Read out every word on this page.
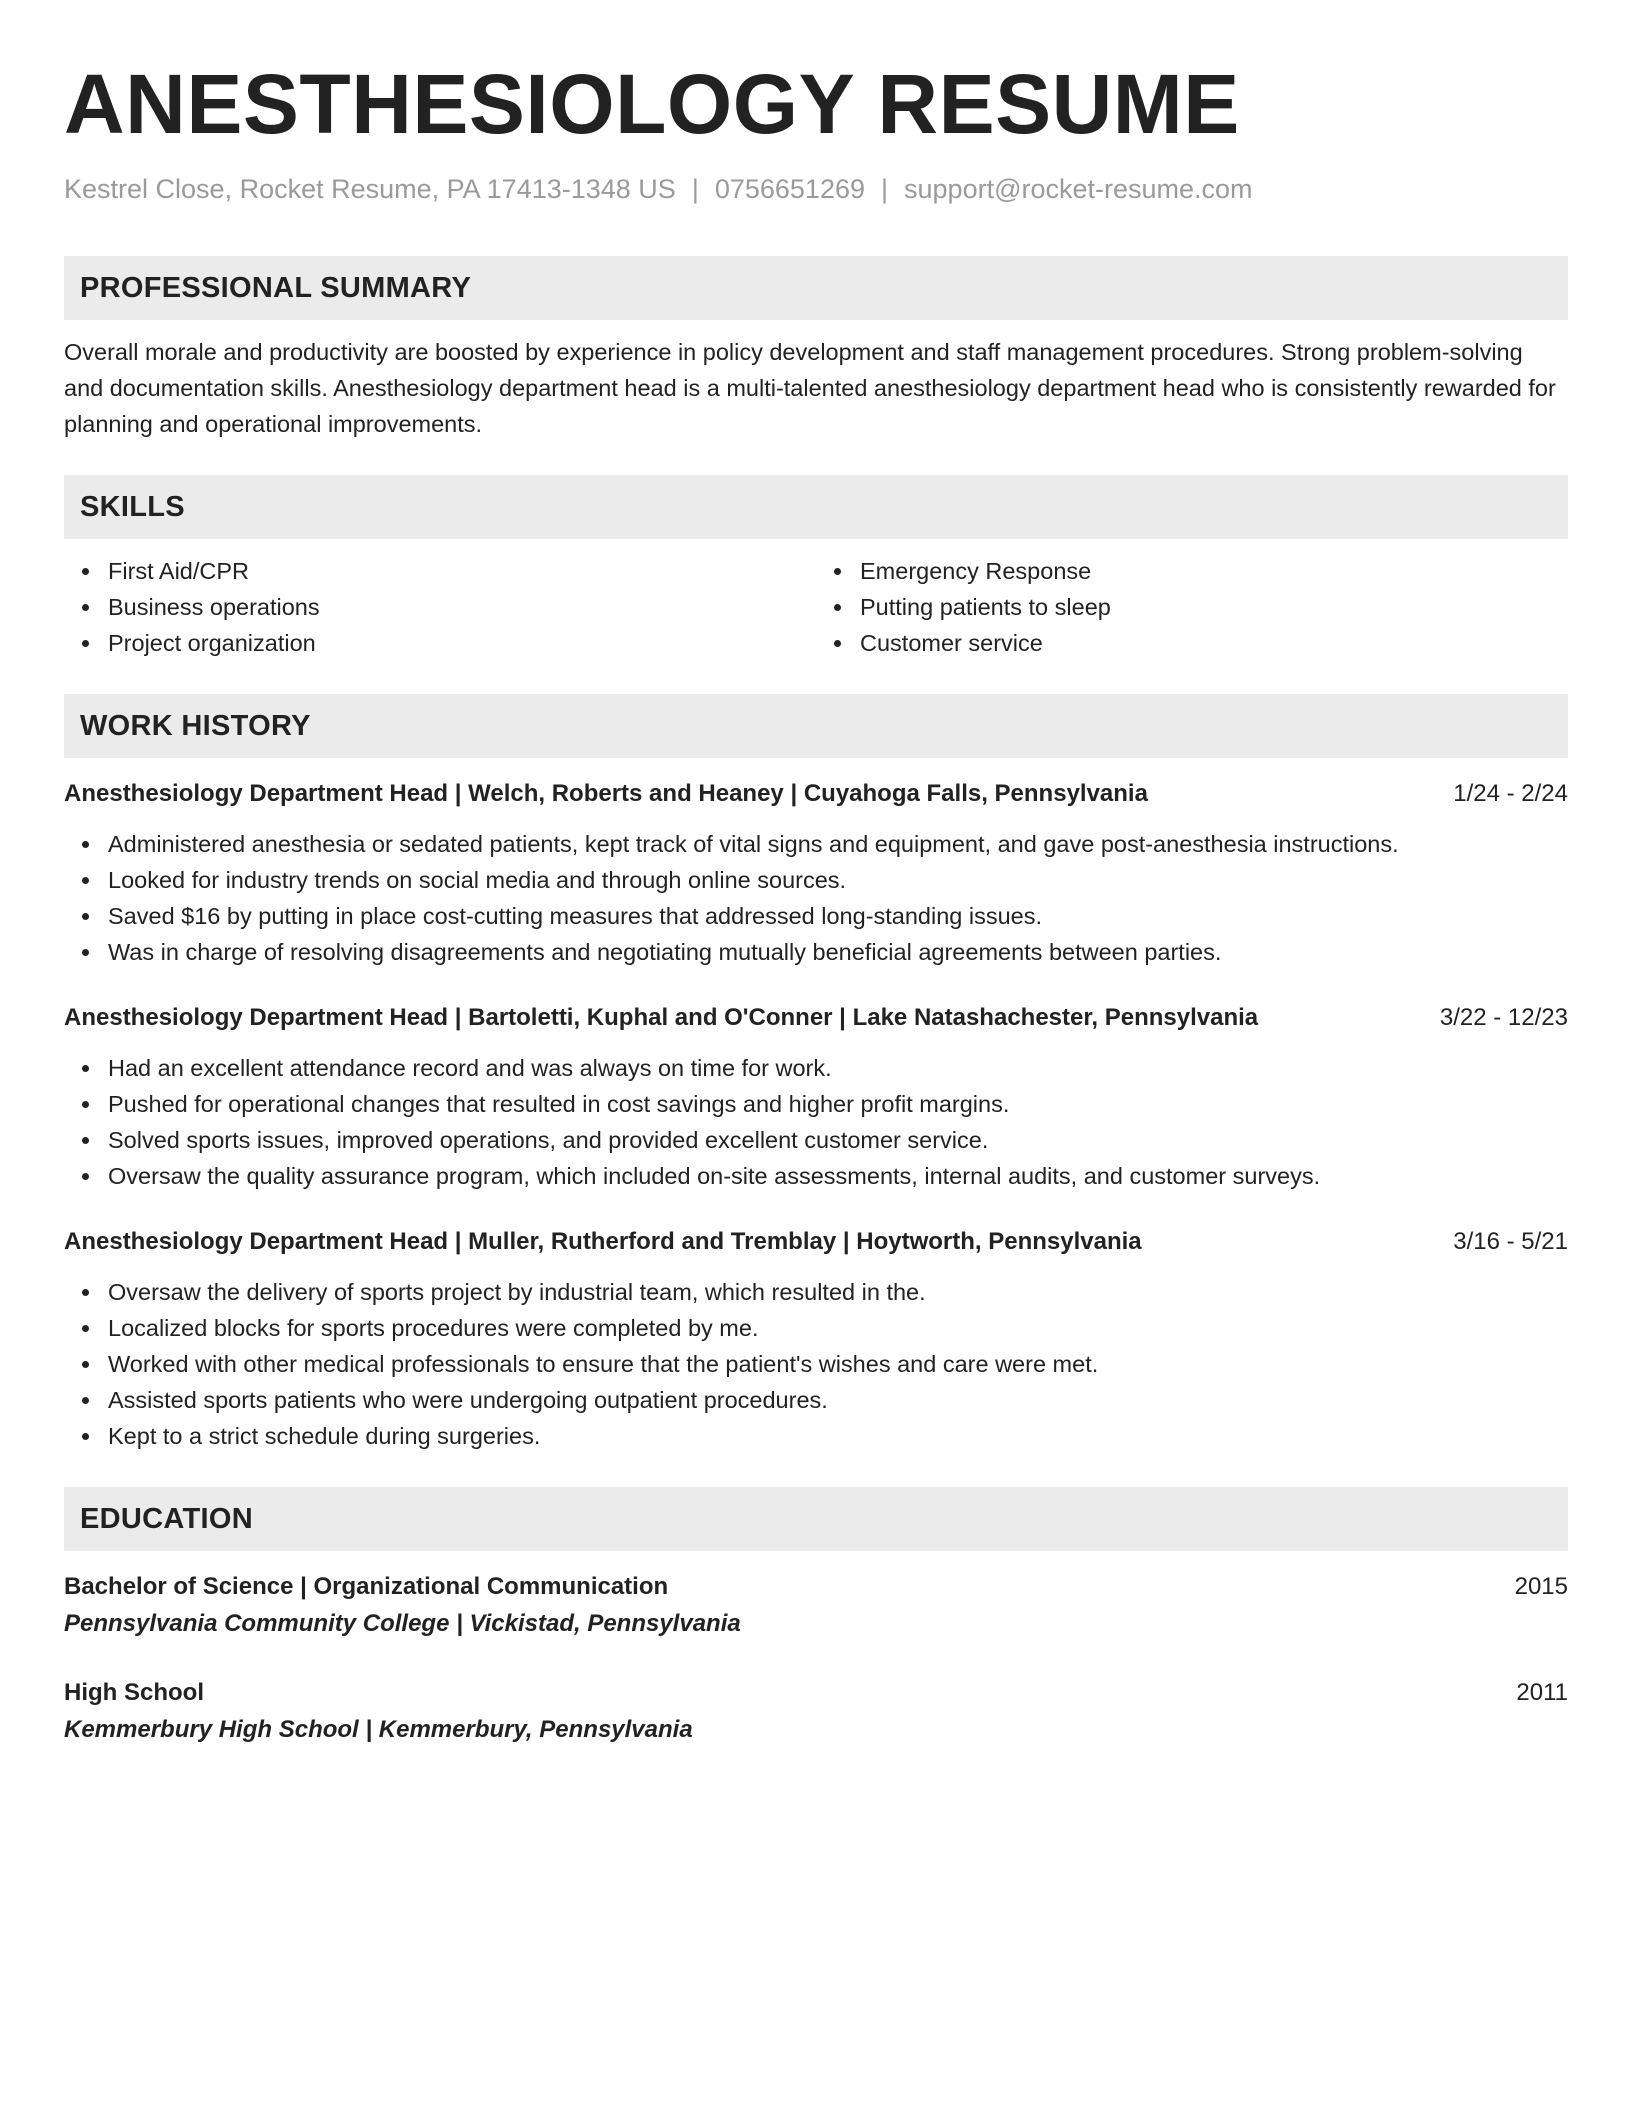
ANESTHESIOLOGY RESUME
Kestrel Close, Rocket Resume, PA 17413-1348 US | 0756651269 | support@rocket-resume.com
PROFESSIONAL SUMMARY

Overall morale and productivity are boosted by experience in policy development and staff management procedures. Strong problem-solving and documentation skills. Anesthesiology department head is a multi-talented anesthesiology department head who is consistently rewarded for planning and operational improvements.

SKILLS
First Aid/CPR
Business operations
Project organization
Emergency Response
Putting patients to sleep
Customer service
WORK HISTORY
Anesthesiology Department Head | Welch, Roberts and Heaney | Cuyahoga Falls, Pennsylvania	1/24 - 2/24
Administered anesthesia or sedated patients, kept track of vital signs and equipment, and gave post-anesthesia instructions.
Looked for industry trends on social media and through online sources.
Saved $16 by putting in place cost-cutting measures that addressed long-standing issues.
Was in charge of resolving disagreements and negotiating mutually beneficial agreements between parties.
Anesthesiology Department Head | Bartoletti, Kuphal and O'Conner | Lake Natashachester, Pennsylvania	3/22 - 12/23
Had an excellent attendance record and was always on time for work.
Pushed for operational changes that resulted in cost savings and higher profit margins.
Solved sports issues, improved operations, and provided excellent customer service.
Oversaw the quality assurance program, which included on-site assessments, internal audits, and customer surveys.
Anesthesiology Department Head | Muller, Rutherford and Tremblay | Hoytworth, Pennsylvania	3/16 - 5/21
Oversaw the delivery of sports project by industrial team, which resulted in the.
Localized blocks for sports procedures were completed by me.
Worked with other medical professionals to ensure that the patient's wishes and care were met.
Assisted sports patients who were undergoing outpatient procedures.
Kept to a strict schedule during surgeries.
EDUCATION
Bachelor of Science | Organizational Communication	2015
Pennsylvania Community College | Vickistad, Pennsylvania
High School	2011
Kemmerbury High School | Kemmerbury, Pennsylvania
